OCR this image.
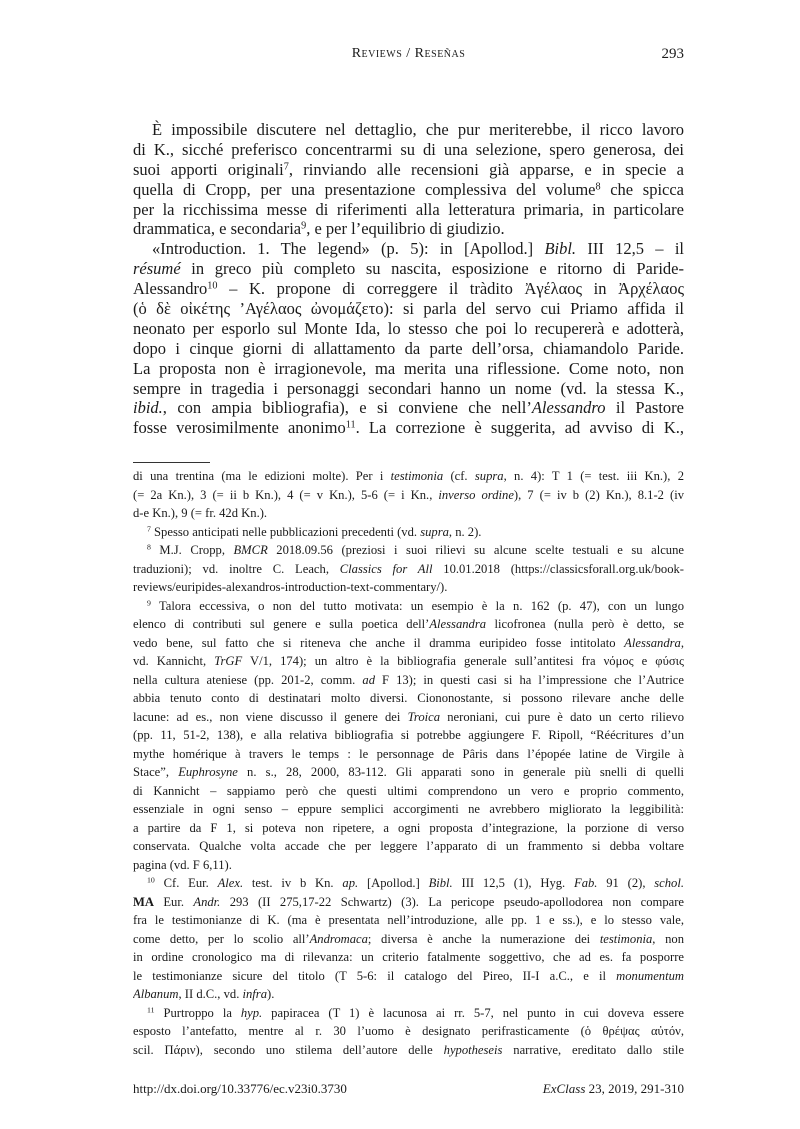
Reviews / Reseñas	293
È impossibile discutere nel dettaglio, che pur meriterebbe, il ricco lavoro
di K., sicché preferisco concentrarmi su di una selezione, spero generosa, dei
suoi apporti originali$^7$, rinviando alle recensioni già apparse, e in specie a
quella di Cropp, per una presentazione complessiva del volume$^8$ che spicca
per la ricchissima messe di riferimenti alla letteratura primaria, in particolare
drammatica, e secondaria$^9$, e per l’equilibrio di giudizio.
«Introduction. 1. The legend» (p. 5): in [Apollod.] Bibl. III 12,5 – il
résumé in greco più completo su nascita, esposizione e ritorno di Paride-
Alessandro$^{10}$ – K. propone di correggere il tràdito Ἀγέλαος in Ἀρχέλαος
(ὁ δὲ οἰκέτης ’Αγέλαος ὠνομάζετο): si parla del servo cui Priamo affida il
neonato per esporlo sul Monte Ida, lo stesso che poi lo recupererà e adotterà,
dopo i cinque giorni di allattamento da parte dell’orsa, chiamandolo Paride.
La proposta non è irragionevole, ma merita una riflessione. Come noto, non
sempre in tragedia i personaggi secondari hanno un nome (vd. la stessa K.,
ibid., con ampia bibliografia), e si conviene che nell’Alessandro il Pastore
fosse verosimilmente anonimo$^{11}$. La correzione è suggerita, ad avviso di K.,
di una trentina (ma le edizioni molte). Per i testimonia (cf. supra, n. 4): T 1 (= test. iii Kn.), 2
(= 2a Kn.), 3 (= ii b Kn.), 4 (= v Kn.), 5-6 (= i Kn., inverso ordine), 7 (= iv b (2) Kn.), 8.1-2 (iv
d-e Kn.), 9 (= fr. 42d Kn.).
$^7$ Spesso anticipati nelle pubblicazioni precedenti (vd. supra, n. 2).
$^8$ M.J. Cropp, BMCR 2018.09.56 (preziosi i suoi rilievi su alcune scelte testuali e su alcune
traduzioni); vd. inoltre C. Leach, Classics for All 10.01.2018 (https://classicsforall.org.uk/book-
reviews/euripides-alexandros-introduction-text-commentary/).
$^9$ Talora eccessiva, o non del tutto motivata: un esempio è la n. 162 (p. 47), con un lungo
elenco di contributi sul genere e sulla poetica dell’Alessandra licofronea (nulla però è detto, se
vedo bene, sul fatto che si riteneva che anche il dramma euripideo fosse intitolato Alessandra,
vd. Kannicht, TrGF V/1, 174); un altro è la bibliografia generale sull’antitesi fra νόμος e φύσις
nella cultura ateniese (pp. 201-2, comm. ad F 13); in questi casi si ha l’impressione che l’Autrice
abbia tenuto conto di destinatari molto diversi. Ciononostante, si possono rilevare anche delle
lacune: ad es., non viene discusso il genere dei Troica neroniani, cui pure è dato un certo rilievo
(pp. 11, 51-2, 138), e alla relativa bibliografia si potrebbe aggiungere F. Ripoll, “Réécritures d’un
mythe homérique à travers le temps : le personnage de Pâris dans l’épopée latine de Virgile à
Stace”, Euphrosyne n. s., 28, 2000, 83-112. Gli apparati sono in generale più snelli di quelli
di Kannicht – sappiamo però che questi ultimi comprendono un vero e proprio commento,
essenziale in ogni senso – eppure semplici accorgimenti ne avrebbero migliorato la leggibilità:
a partire da F 1, si poteva non ripetere, a ogni proposta d’integrazione, la porzione di verso
conservata. Qualche volta accade che per leggere l’apparato di un frammento si debba voltare
pagina (vd. F 6,11).
$^{10}$ Cf. Eur. Alex. test. iv b Kn. ap. [Apollod.] Bibl. III 12,5 (1), Hyg. Fab. 91 (2), schol.
MA Eur. Andr. 293 (II 275,17-22 Schwartz) (3). La pericope pseudo-apollodorea non compare
fra le testimonianze di K. (ma è presentata nell’introduzione, alle pp. 1 e ss.), e lo stesso vale,
come detto, per lo scolio all’Andromaca; diversa è anche la numerazione dei testimonia, non
in ordine cronologico ma di rilevanza: un criterio fatalmente soggettivo, che ad es. fa posporre
le testimonianze sicure del titolo (T 5-6: il catalogo del Pireo, II-I a.C., e il monumentum
Albanum, II d.C., vd. infra).
$^{11}$ Purtroppo la hyp. papiracea (T 1) è lacunosa ai rr. 5-7, nel punto in cui doveva essere
esposto l’antefatto, mentre al r. 30 l’uomo è designato perifrasticamente (ὁ θρέψας αὐτόν,
scil. Πάριν), secondo uno stilema dell’autore delle hypotheseis narrative, ereditato dallo stile
http://dx.doi.org/10.33776/ec.v23i0.3730	ExClass 23, 2019, 291-310
